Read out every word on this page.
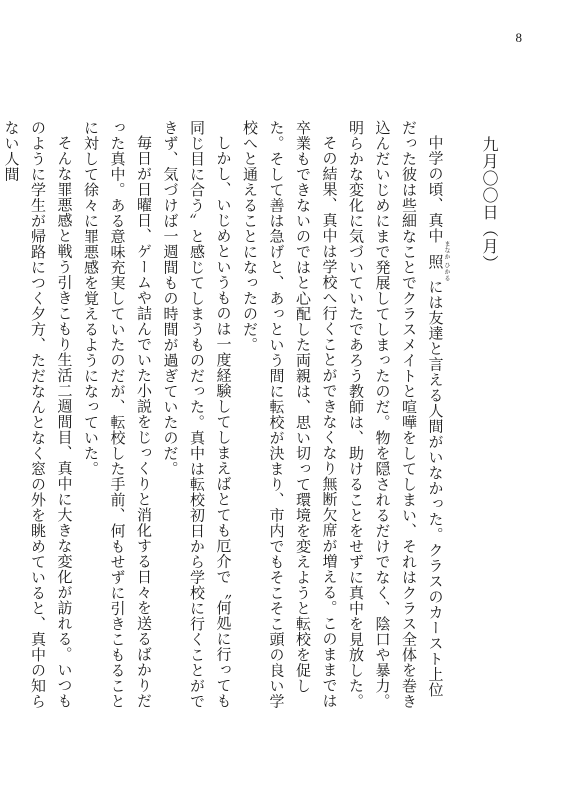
8
九月〇〇日（月）
中学の頃、真中照まなか ひかるには友達と言える人間がいなかった。クラスのカースト上位だった彼は些細なことでクラスメイトと喧嘩をしてしまい、それはクラス全体を巻き込んだいじめにまで発展してしまったのだ。物を隠されるだけでなく、陰口や暴力。明らかな変化に気づいていたであろう教師は、助けることをせずに真中を見放した。
その結果、真中は学校へ行くことができなくなり無断欠席が増える。このままでは卒業もできないのではと心配した両親は、思い切って環境を変えようと転校を促した。そして善は急げと、あっという間に転校が決まり、市内でもそこそこ頭の良い学校へと通えることになったのだ。
しかし、いじめというものは一度経験してしまえばとても厄介で〝何処に行っても同じ目に合う〟と感じてしまうものだった。真中は転校初日から学校に行くことができず、気づけば一週間もの時間が過ぎていたのだ。
毎日が日曜日、ゲームや詰んでいた小説をじっくりと消化する日々を送るばかりだった真中。ある意味充実していたのだが、転校した手前、何もせずに引きこもることに対して徐々に罪悪感を覚えるようになっていた。
そんな罪悪感と戦う引きこもり生活二週間目、真中に大きな変化が訪れる。いつものように学生が帰路につく夕方、ただなんとなく窓の外を眺めていると、真中の知らない人間
